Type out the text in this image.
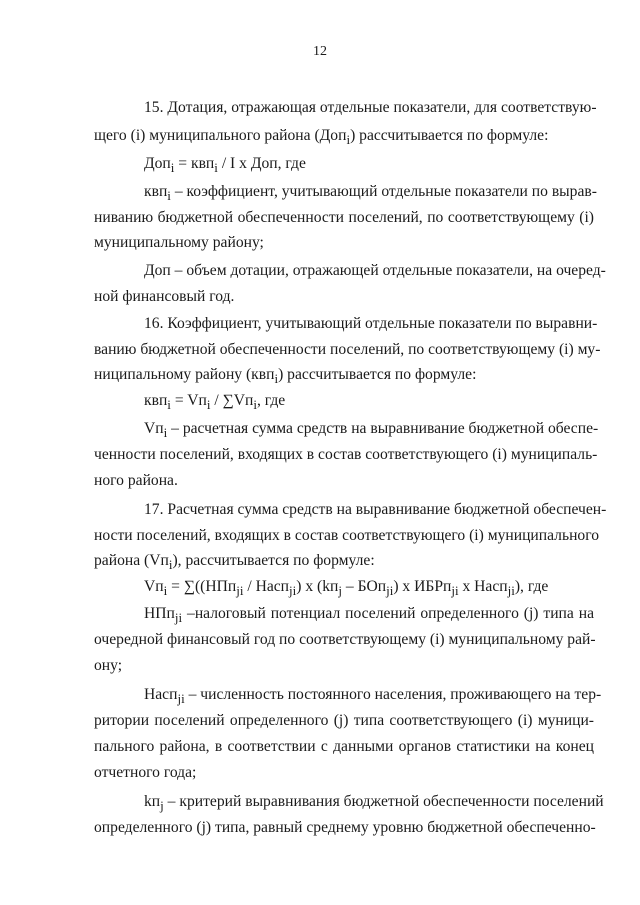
12
15. Дотация, отражающая отдельные показатели, для соответствую-
щего (i) муниципального района (Доп$_i$) рассчитывается по формуле:
Доп$_i$ = квп$_i$ / I x Доп, где
квп$_i$ – коэффициент, учитывающий отдельные показатели по вырав-
ниванию бюджетной обеспеченности поселений, по соответствующему (i)
муниципальному району;
Доп – объем дотации, отражающей отдельные показатели, на очеред-
ной финансовый год.
16. Коэффициент, учитывающий отдельные показатели по выравни-
ванию бюджетной обеспеченности поселений, по соответствующему (i) му-
ниципальному району (квп$_i$) рассчитывается по формуле:
$квп_i = Vп_i / \sum Vп_i$, где
$Vп_i$ – расчетная сумма средств на выравнивание бюджетной обеспе-
ченности поселений, входящих в состав соответствующего (i) муниципаль-
ного района.
17. Расчетная сумма средств на выравнивание бюджетной обеспечен-
ности поселений, входящих в состав соответствующего (i) муниципального
района $(Vп_i)$, рассчитывается по формуле:
$Vп_i = \sum((НПп_{ji}$ / Насп$_{ji}$) x $(kп_j - БОп_{ji})$ x ИБРп$_{ji}$ x Насп$_{ji}$), где
НПп$_{ji}$ –налоговый потенциал поселений определенного (j) типа на
очередной финансовый год по соответствующему (i) муниципальному рай-
ону;
Насп$_{ji}$ – численность постоянного населения, проживающего на тер-
ритории поселений определенного (j) типа соответствующего (i) муници-
пального района, в соответствии с данными органов статистики на конец
отчетного года;
$kп_j$ – критерий выравнивания бюджетной обеспеченности поселений
определенного (j) типа, равный среднему уровню бюджетной обеспеченно-
